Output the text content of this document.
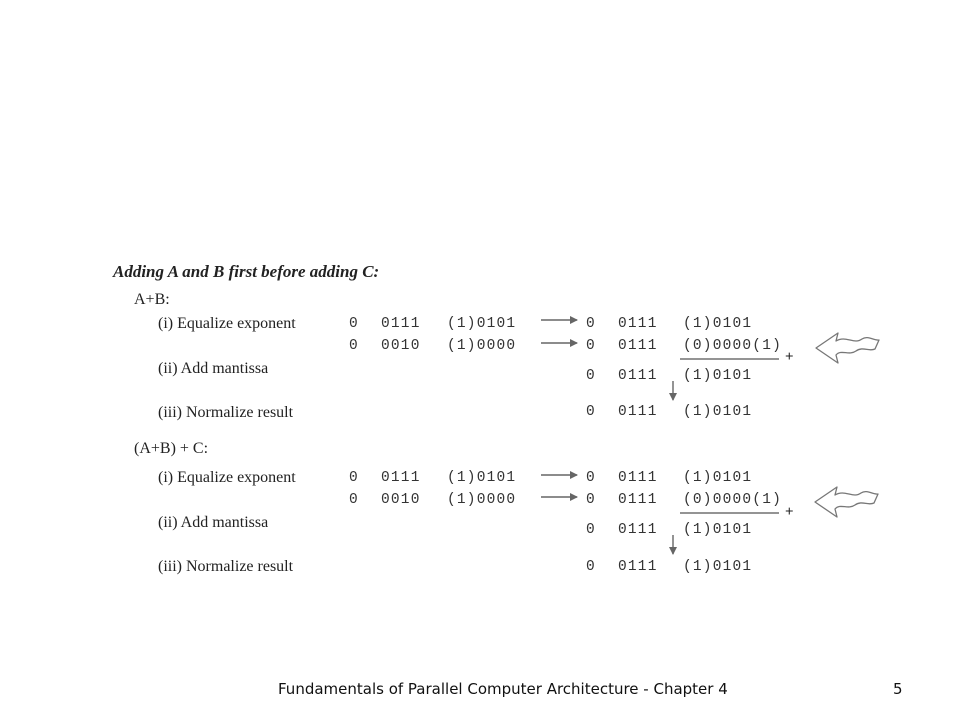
Adding A and B first before adding C:
A+B:
(i) Equalize exponent
(ii) Add mantissa
(iii) Normalize result
0 0111 (1)0101
0 0010 (1)0000
0 0111 (1)0101
0 0111 (0)0000(1)
+
0 0111 (1)0101
0 0111 (1)0101
(A+B) + C:
(i) Equalize exponent
(ii) Add mantissa
(iii) Normalize result
0 0111 (1)0101
0 0010 (1)0000
0 0111 (1)0101
0 0111 (0)0000(1)
+
0 0111 (1)0101
0 0111 (1)0101
Fundamentals of Parallel Computer Architecture - Chapter 4	5
